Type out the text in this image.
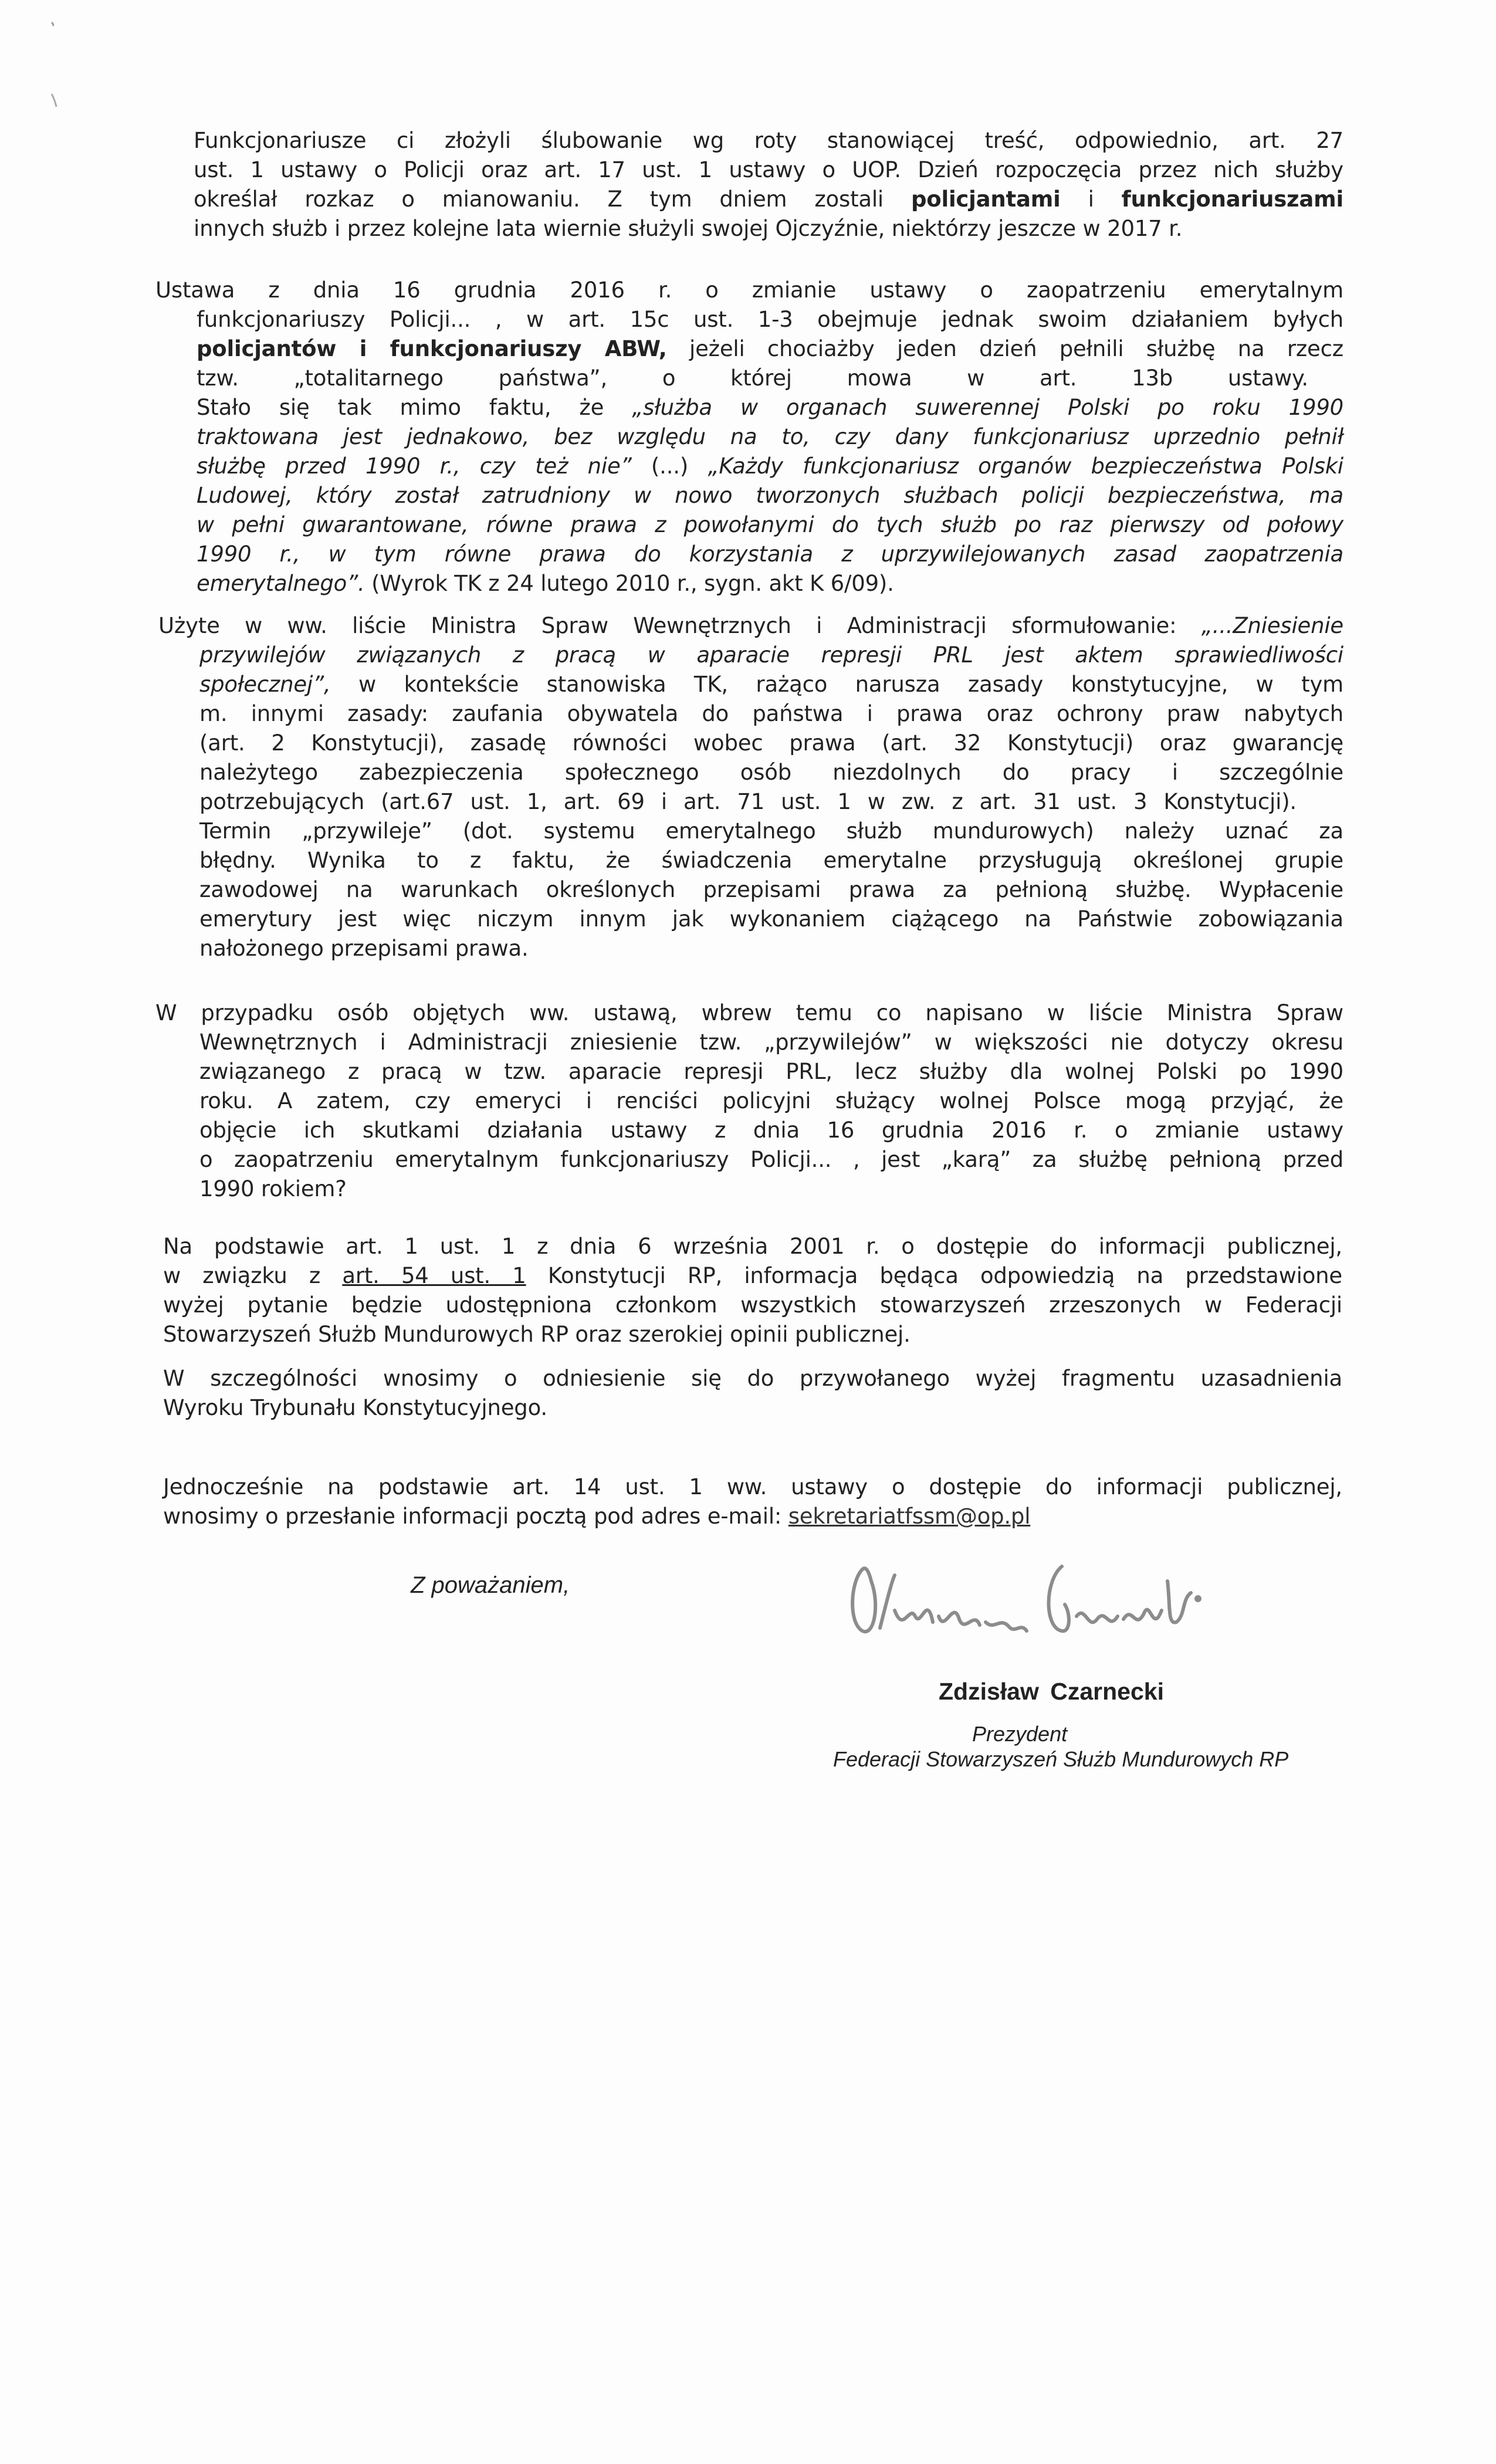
Funkcjonariusze ci złożyli ślubowanie wg roty stanowiącej treść, odpowiednio, art. 27
ust. 1 ustawy o Policji oraz art. 17 ust. 1 ustawy o UOP. Dzień rozpoczęcia przez nich służby
określał rozkaz o mianowaniu. Z tym dniem zostali policjantami i funkcjonariuszami
innych służb i przez kolejne lata wiernie służyli swojej Ojczyźnie, niektórzy jeszcze w 2017 r.
Ustawa z dnia 16 grudnia 2016 r. o zmianie ustawy o zaopatrzeniu emerytalnym
funkcjonariuszy Policji... , w art. 15c ust. 1-3 obejmuje jednak swoim działaniem byłych
policjantów i funkcjonariuszy ABW, jeżeli chociażby jeden dzień pełnili służbę na rzecz
tzw. „totalitarnego państwa”, o której mowa w art. 13b ustawy.
Stało się tak mimo faktu, że „służba w organach suwerennej Polski po roku 1990
traktowana jest jednakowo, bez względu na to, czy dany funkcjonariusz uprzednio pełnił
służbę przed 1990 r., czy też nie” (...) „Każdy funkcjonariusz organów bezpieczeństwa Polski
Ludowej, który został zatrudniony w nowo tworzonych służbach policji bezpieczeństwa, ma
w pełni gwarantowane, równe prawa z powołanymi do tych służb po raz pierwszy od połowy
1990 r., w tym równe prawa do korzystania z uprzywilejowanych zasad zaopatrzenia
emerytalnego”. (Wyrok TK z 24 lutego 2010 r., sygn. akt K 6/09).
Użyte w ww. liście Ministra Spraw Wewnętrznych i Administracji sformułowanie: „...Zniesienie
przywilejów związanych z pracą w aparacie represji PRL jest aktem sprawiedliwości
społecznej”, w kontekście stanowiska TK, rażąco narusza zasady konstytucyjne, w tym
m. innymi zasady: zaufania obywatela do państwa i prawa oraz ochrony praw nabytych
(art. 2 Konstytucji), zasadę równości wobec prawa (art. 32 Konstytucji) oraz gwarancję
należytego zabezpieczenia społecznego osób niezdolnych do pracy i szczególnie
potrzebujących (art.67 ust. 1, art. 69 i art. 71 ust. 1 w zw. z art. 31 ust. 3 Konstytucji).
Termin „przywileje” (dot. systemu emerytalnego służb mundurowych) należy uznać za
błędny. Wynika to z faktu, że świadczenia emerytalne przysługują określonej grupie
zawodowej na warunkach określonych przepisami prawa za pełnioną służbę. Wypłacenie
emerytury jest więc niczym innym jak wykonaniem ciążącego na Państwie zobowiązania
nałożonego przepisami prawa.
W przypadku osób objętych ww. ustawą, wbrew temu co napisano w liście Ministra Spraw
Wewnętrznych i Administracji zniesienie tzw. „przywilejów” w większości nie dotyczy okresu
związanego z pracą w tzw. aparacie represji PRL, lecz służby dla wolnej Polski po 1990
roku. A zatem, czy emeryci i renciści policyjni służący wolnej Polsce mogą przyjąć, że
objęcie ich skutkami działania ustawy z dnia 16 grudnia 2016 r. o zmianie ustawy
o zaopatrzeniu emerytalnym funkcjonariuszy Policji... , jest „karą” za służbę pełnioną przed
1990 rokiem?
Na podstawie art. 1 ust. 1 z dnia 6 września 2001 r. o dostępie do informacji publicznej,
w związku z art. 54 ust. 1 Konstytucji RP, informacja będąca odpowiedzią na przedstawione
wyżej pytanie będzie udostępniona członkom wszystkich stowarzyszeń zrzeszonych w Federacji
Stowarzyszeń Służb Mundurowych RP oraz szerokiej opinii publicznej.
W szczególności wnosimy o odniesienie się do przywołanego wyżej fragmentu uzasadnienia
Wyroku Trybunału Konstytucyjnego.
Jednocześnie na podstawie art. 14 ust. 1 ww. ustawy o dostępie do informacji publicznej,
wnosimy o przesłanie informacji pocztą pod adres e-mail: sekretariatfssm@op.pl
Z poważaniem,
Zdzisław Czarnecki
Prezydent
Federacji Stowarzyszeń Służb Mundurowych RP
